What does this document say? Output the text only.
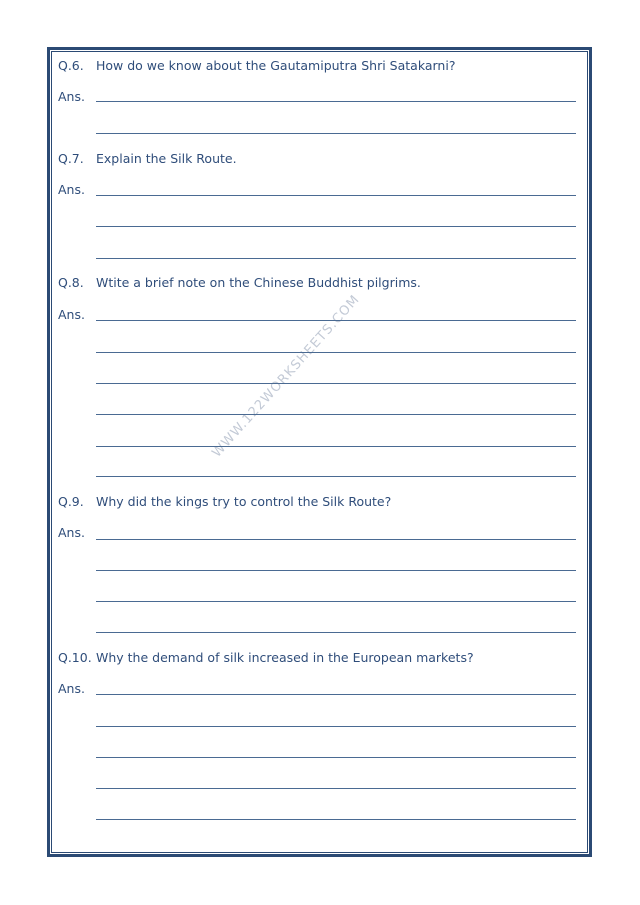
WWW.122WORKSHEETS.COM
Q.6. How do we know about the Gautamiputra Shri Satakarni?
Ans.
Q.7. Explain the Silk Route.
Ans.
Q.8. Wtite a brief note on the Chinese Buddhist pilgrims.
Ans.
Q.9. Why did the kings try to control the Silk Route?
Ans.
Q.10. Why the demand of silk increased in the European markets?
Ans.
